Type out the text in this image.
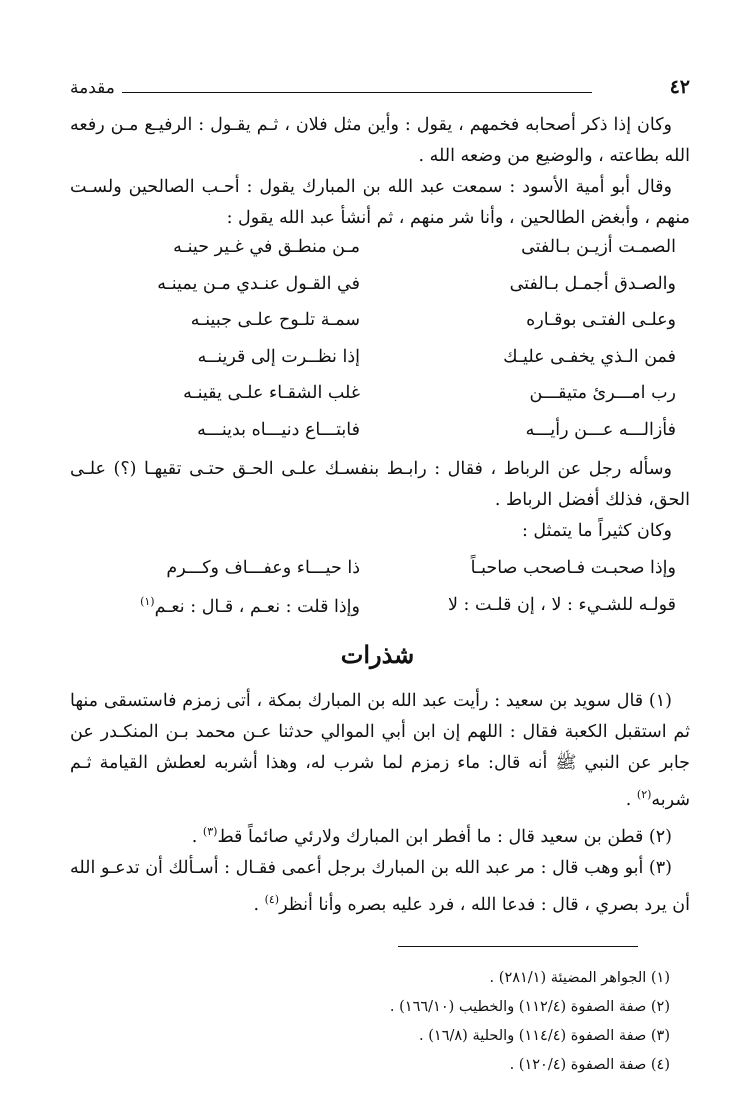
مقدمة	٤٢

وكان إذا ذكر أصحابه فخمهم ، يقول : وأين مثل فلان ، ثـم يقـول : الرفيـع مـن رفعه الله بطاعته ، والوضيع من وضعه الله .

وقال أبو أمية الأسود : سمعت عبد الله بن المبارك يقول : أحـب الصالحين ولسـت منهم ، وأبغض الطالحين ، وأنا شر منهم ، ثم أنشأ عبد الله يقول :

الصمـت أزيـن بـالفتى
مـن منطـق في غـير حينـه
والصـدق أجمـل بـالفتى
في القـول عنـدي مـن يمينـه
وعلـى الفتـى بوقـاره
سمـة تلـوح علـى جبينـه
فمن الـذي يخفـى عليـك
إذا نظــرت إلى قرينــه
رب امـــرئ متيقـــن
غلب الشقـاء علـى يقينـه
فأزالـــه عـــن رأيـــه
فابتـــاع دنيـــاه بدينـــه

وسأله رجل عن الرباط ، فقال : رابـط بنفسـك علـى الحـق حتـى تقيهـا (؟) علـى الحق، فذلك أفضل الرباط .

وكان كثيراً ما يتمثل :

وإذا صحبـت فـاصحب صاحبـاً
ذا حيـــاء وعفـــاف وكـــرم
قولـه للشـيء : لا ، إن قلـت : لا
وإذا قلت : نعـم ، قـال : نعـم$^{(١)}$
شذرات

(١) قال سويد بن سعيد : رأيت عبد الله بن المبارك بمكة ، أتى زمزم فاستسقى منها ثم استقبل الكعبة فقال : اللهم إن ابن أبي الموالي حدثنا عـن محمد بـن المنكـدر عن جابر عن النبي ﷺ أنه قال: ماء زمزم لما شرب له، وهذا أشربه لعطش القيامة ثـم شربه$^{(٢)}$ .

(٢) قطن بن سعيد قال : ما أفطر ابن المبارك ولارئي صائماً قط$^{(٣)}$ .

(٣) أبو وهب قال : مر عبد الله بن المبارك برجل أعمى فقـال : أسـألك أن تدعـو الله أن يرد بصري ، قال : فدعا الله ، فرد عليه بصره وأنا أنظر$^{(٤)}$ .

(١) الجواهر المضيئة (٢٨١/١) .
(٢) صفة الصفوة (١١٢/٤) والخطيب (١٦٦/١٠) .
(٣) صفة الصفوة (١١٤/٤) والحلية (١٦/٨) .
(٤) صفة الصفوة (١٢٠/٤) .
